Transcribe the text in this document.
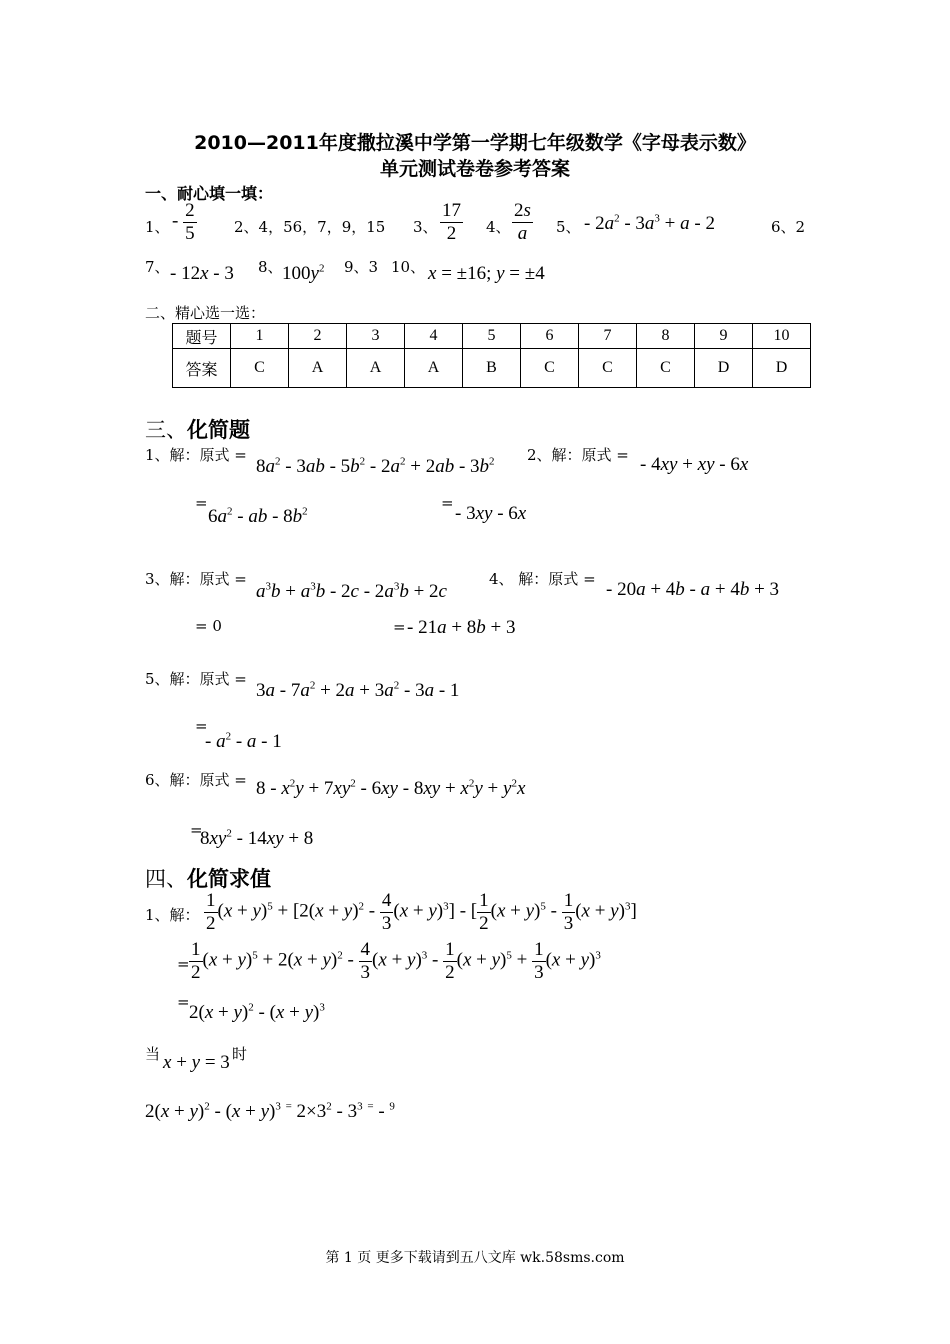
2010—2011年度撒拉溪中学第一学期七年级数学《字母表示数》
单元测试卷卷参考答案
一、耐心填一填：
1、 - $\frac{2}{5} 2$、4，56，7，9，15 3、 $\frac{17}{2} 4$、 $\frac{2s}{a} 5$、 - $2a^2 - 3a^3 + a - 2$	6、2
7、 - 12x - 3 8、 $100y^2$ 9、3 10、 x = ±16; y = ±4
二、精心选一选：
题号	1	2	3	4	5	6	7	8	9	10
答案	C	A	A	A	B	C	C	C	D	D
三、化简题
1、解：原式 =
$8a^2 - 3ab - 5b^2 - 2a^2 + 2ab - 3b^2$ 2、解：原式 = - 4xy + xy - 6x
=
$6a^2$ - ab - $8b^2$	= - 3xy - 6x
3、解：原式 =
$a^3b + a^3b - 2c - 2a^3b + 2c$
4、 解：原式 = - 20a + 4b - a + 4b + 3
= 0	= - 21a + 8b + 3
5、解：原式 =
$3a - 7a^2 + 2a + 3a^2 - 3a - 1$
=
- $a^2$ - a - 1
6、解：原式 = $8 - x^2y + 7xy^2 - 6xy - 8xy + x^2y + y^2x$
=
$8xy^2 - 14xy + 8$
四、化简求值
1、解： $\frac{1}{2} (x + y)^5 + [2(x + y)^2 - \frac{4}{3} (x + y)^3]$ - [ $\frac{1}{2} (x + y)^5 - \frac{1}{3} (x + y)^3$]
= $\frac{1}{2} (x + y)^5 + 2(x + y)^2 - \frac{4}{3} (x + y)^3 - \frac{1}{2} (x + y)^5 + \frac{1}{3} (x + y)^3$
= $2(x + y)^2 - (x + y)^3$
当 x + y = 3 时
$2(x + y)^2 - (x + y)^3$ = $2\times 3^2 - 3^3$ = - $^9$
第 1 页 更多下载请到五八文库 wk.58sms.com
